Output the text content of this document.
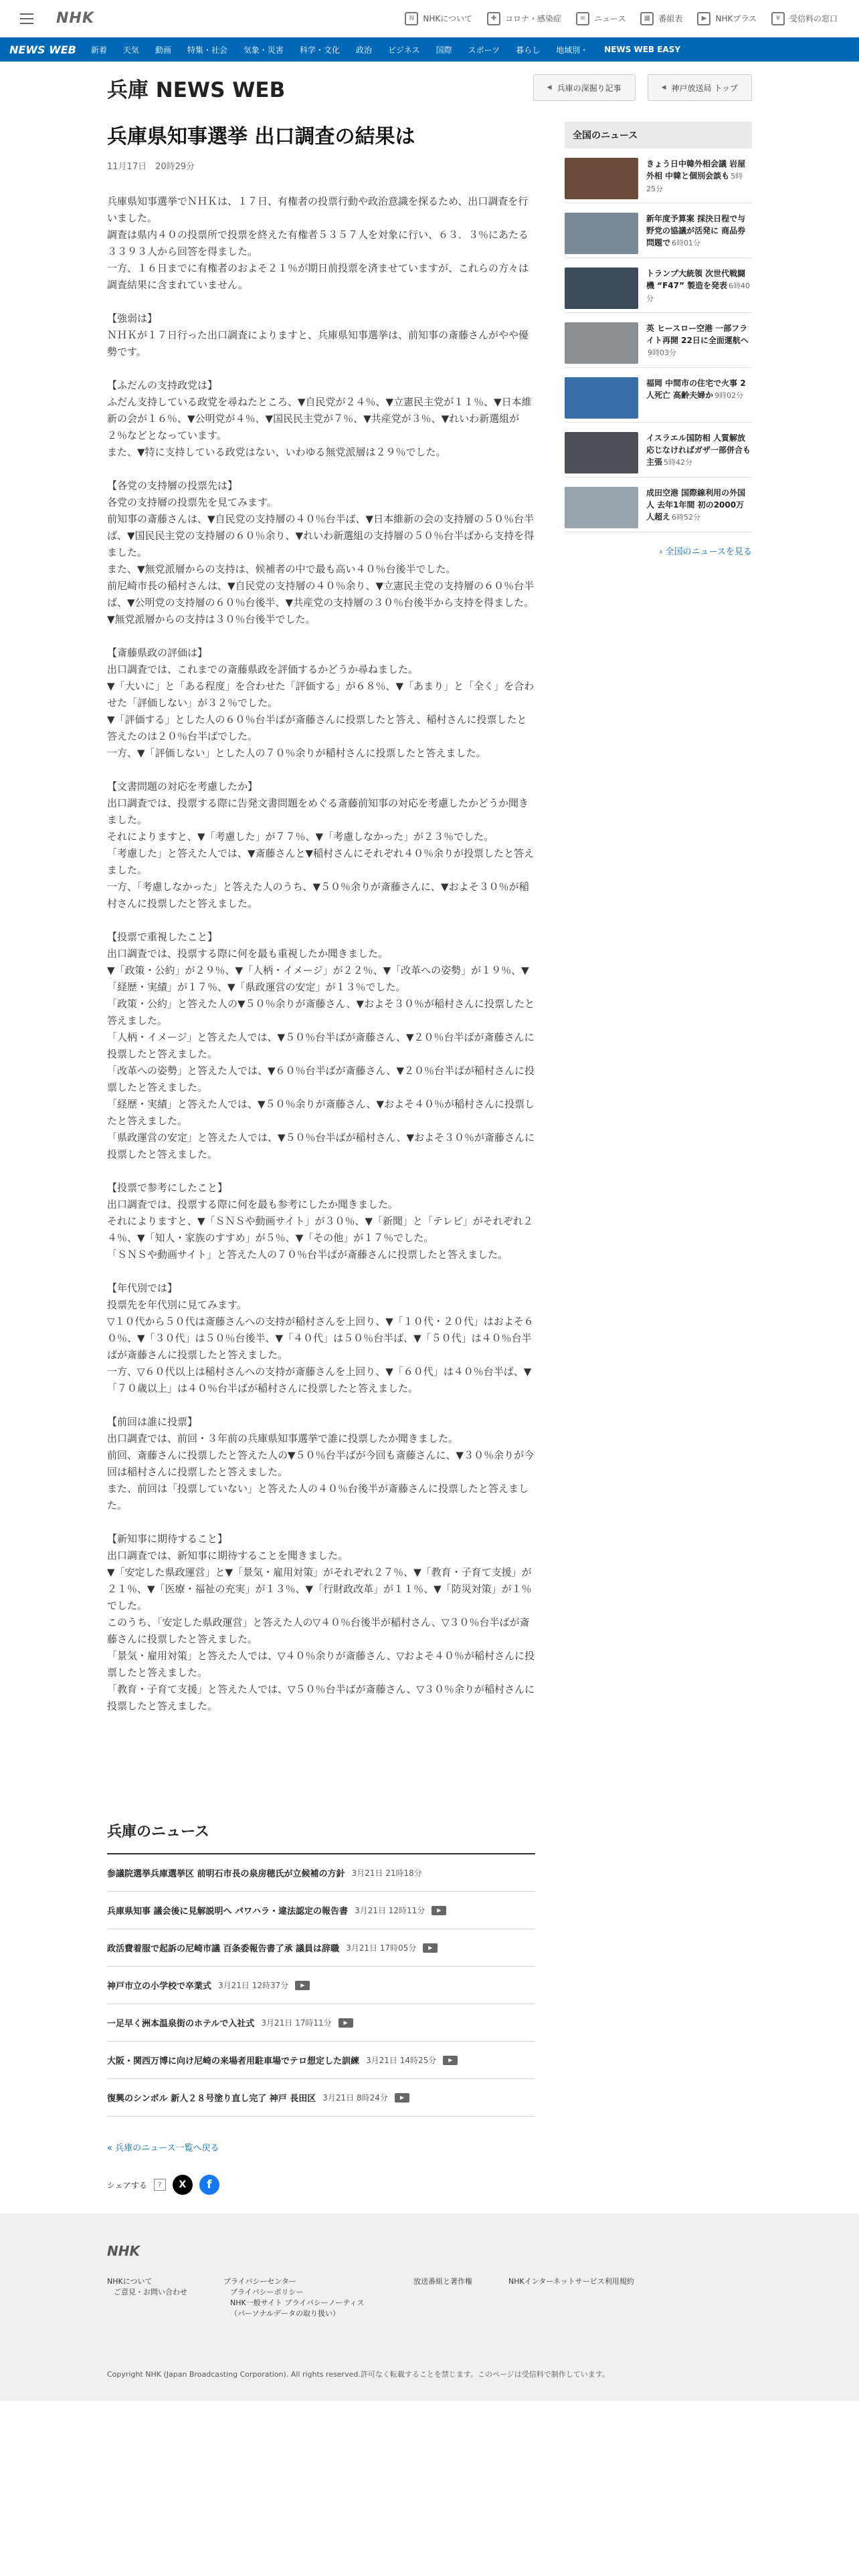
NHK	N	NHKについて	✚	コロナ・感染症	≡	ニュース	▦	番組表	▶	NHKプラス	¥	受信料の窓口
NEWS WEB 新着 天気 動画 特集・社会 気象・災害 科学・文化 政治 ビジネス 国際 スポーツ 暮らし 地域別・ NEWS WEB EASY
兵庫 NEWS WEB	◀ 兵庫の深掘り記事	◀ 神戸放送局 トップ
兵庫県知事選挙 出口調査の結果は
11月17日　20時29分

兵庫県知事選挙でＮＨＫは、１７日、有権者の投票行動や政治意識を探るため、出口調査を行いました。
調査は県内４０の投票所で投票を終えた有権者５３５７人を対象に行い、６３．３％にあたる３３９３人から回答を得ました。
一方、１６日までに有権者のおよそ２１％が期日前投票を済ませていますが、これらの方々は調査結果に含まれていません。

【強弱は】
ＮＨＫが１７日行った出口調査によりますと、兵庫県知事選挙は、前知事の斎藤さんがやや優勢です。

【ふだんの支持政党は】
ふだん支持している政党を尋ねたところ、▼自民党が２４％、▼立憲民主党が１１％、▼日本維新の会が１６％、▼公明党が４％、▼国民民主党が７％、▼共産党が３％、▼れいわ新選組が２％などとなっています。
また、▼特に支持している政党はない、いわゆる無党派層は２９％でした。

【各党の支持層の投票先は】
各党の支持層の投票先を見てみます。
前知事の斎藤さんは、▼自民党の支持層の４０％台半ば、▼日本維新の会の支持層の５０％台半ば、▼国民民主党の支持層の６０％余り、▼れいわ新選組の支持層の５０％台半ばから支持を得ました。
また、▼無党派層からの支持は、候補者の中で最も高い４０％台後半でした。
前尼崎市長の稲村さんは、▼自民党の支持層の４０％余り、▼立憲民主党の支持層の６０％台半ば、▼公明党の支持層の６０％台後半、▼共産党の支持層の３０％台後半から支持を得ました。
▼無党派層からの支持は３０％台後半でした。

【斎藤県政の評価は】
出口調査では、これまでの斎藤県政を評価するかどうか尋ねました。
▼「大いに」と「ある程度」を合わせた「評価する」が６８％、▼「あまり」と「全く」を合わせた「評価しない」が３２％でした。
▼「評価する」とした人の６０％台半ばが斎藤さんに投票したと答え、稲村さんに投票したと答えたのは２０％台半ばでした。
一方、▼「評価しない」とした人の７０％余りが稲村さんに投票したと答えました。

【文書問題の対応を考慮したか】
出口調査では、投票する際に告発文書問題をめぐる斎藤前知事の対応を考慮したかどうか聞きました。
それによりますと、▼「考慮した」が７７％、▼「考慮しなかった」が２３％でした。
「考慮した」と答えた人では、▼斎藤さんと▼稲村さんにそれぞれ４０％余りが投票したと答えました。
一方、「考慮しなかった」と答えた人のうち、▼５０％余りが斎藤さんに、▼およそ３０％が稲村さんに投票したと答えました。

【投票で重視したこと】
出口調査では、投票する際に何を最も重視したか聞きました。
▼「政策・公約」が２９％、▼「人柄・イメージ」が２２％、▼「改革への姿勢」が１９％、▼「経歴・実績」が１７％、▼「県政運営の安定」が１３％でした。
「政策・公約」と答えた人の▼５０％余りが斎藤さん、▼およそ３０％が稲村さんに投票したと答えました。
「人柄・イメージ」と答えた人では、▼５０％台半ばが斎藤さん、▼２０％台半ばが斎藤さんに投票したと答えました。
「改革への姿勢」と答えた人では、▼６０％台半ばが斎藤さん、▼２０％台半ばが稲村さんに投票したと答えました。
「経歴・実績」と答えた人では、▼５０％余りが斎藤さん、▼およそ４０％が稲村さんに投票したと答えました。
「県政運営の安定」と答えた人では、▼５０％台半ばが稲村さん、▼およそ３０％が斎藤さんに投票したと答えました。

【投票で参考にしたこと】
出口調査では、投票する際に何を最も参考にしたか聞きました。
それによりますと、▼「ＳＮＳや動画サイト」が３０％、▼「新聞」と「テレビ」がそれぞれ２４％、▼「知人・家族のすすめ」が５％、▼「その他」が１７％でした。
「ＳＮＳや動画サイト」と答えた人の７０％台半ばが斎藤さんに投票したと答えました。

【年代別では】
投票先を年代別に見てみます。
▽１０代から５０代は斎藤さんへの支持が稲村さんを上回り、▼「１０代・２０代」はおよそ６０％、▼「３０代」は５０％台後半、▼「４０代」は５０％台半ば、▼「５０代」は４０％台半ばが斎藤さんに投票したと答えました。
一方、▽６０代以上は稲村さんへの支持が斎藤さんを上回り、▼「６０代」は４０％台半ば、▼「７０歳以上」は４０％台半ばが稲村さんに投票したと答えました。

【前回は誰に投票】
出口調査では、前回・３年前の兵庫県知事選挙で誰に投票したか聞きました。
前回、斎藤さんに投票したと答えた人の▼５０％台半ばが今回も斎藤さんに、▼３０％余りが今回は稲村さんに投票したと答えました。
また、前回は「投票していない」と答えた人の４０％台後半が斎藤さんに投票したと答えました。

【新知事に期待すること】
出口調査では、新知事に期待することを聞きました。
▼「安定した県政運営」と▼「景気・雇用対策」がそれぞれ２７％、▼「教育・子育て支援」が２１％、▼「医療・福祉の充実」が１３％、▼「行財政改革」が１１％、▼「防災対策」が１％でした。
このうち、「安定した県政運営」と答えた人の▽４０％台後半が稲村さん、▽３０％台半ばが斎藤さんに投票したと答えました。
「景気・雇用対策」と答えた人では、▽４０％余りが斎藤さん、▽およそ４０％が稲村さんに投票したと答えました。
「教育・子育て支援」と答えた人では、▽５０％台半ばが斎藤さん、▽３０％余りが稲村さんに投票したと答えました。

全国のニュース
きょう日中韓外相会議 岩屋外相 中韓と個別会談も 5時25分
新年度予算案 採決日程で与野党の協議が活発に 商品券問題で 6時01分
トランプ大統領 次世代戦闘機 “F47” 製造を発表 6時40分
英 ヒースロー空港 一部フライト再開 22日に全面運航へ9時03分
福岡 中間市の住宅で火事 2人死亡 高齢夫婦か 9時02分
イスラエル国防相 人質解放応じなければガザ一部併合も主張 5時42分
成田空港 国際線利用の外国人 去年1年間 初の2000万人超え 6時52分
› 全国のニュースを見る
兵庫のニュース
参議院選挙兵庫選挙区 前明石市長の泉房穂氏が立候補の方針 3月21日 21時18分
兵庫県知事 議会後に見解説明へ パワハラ・違法認定の報告書 3月21日 12時11分	▶
政活費着服で起訴の尼崎市議 百条委報告書了承 議員は辞職 3月21日 17時05分	▶
神戸市立の小学校で卒業式 3月21日 12時37分	▶
一足早く洲本温泉街のホテルで入社式 3月21日 17時11分	▶
大阪・関西万博に向け尼崎の来場者用駐車場でテロ想定した訓練 3月21日 14時25分	▶
復興のシンボル 新人２８号塗り直し完了 神戸 長田区 3月21日 8時24分	▶
« 兵庫のニュース一覧へ戻る
シェアする	?	X	f
NHK
NHKについて
ご意見・お問い合わせ
プライバシーセンター
プライバシーポリシー
NHK一般サイト プライバシーノーティス（パーソナルデータの取り扱い）
放送番組と著作権	NHKインターネットサービス利用規約
Copyright NHK (Japan Broadcasting Corporation). All rights reserved.許可なく転載することを禁じます。このページは受信料で制作しています。
